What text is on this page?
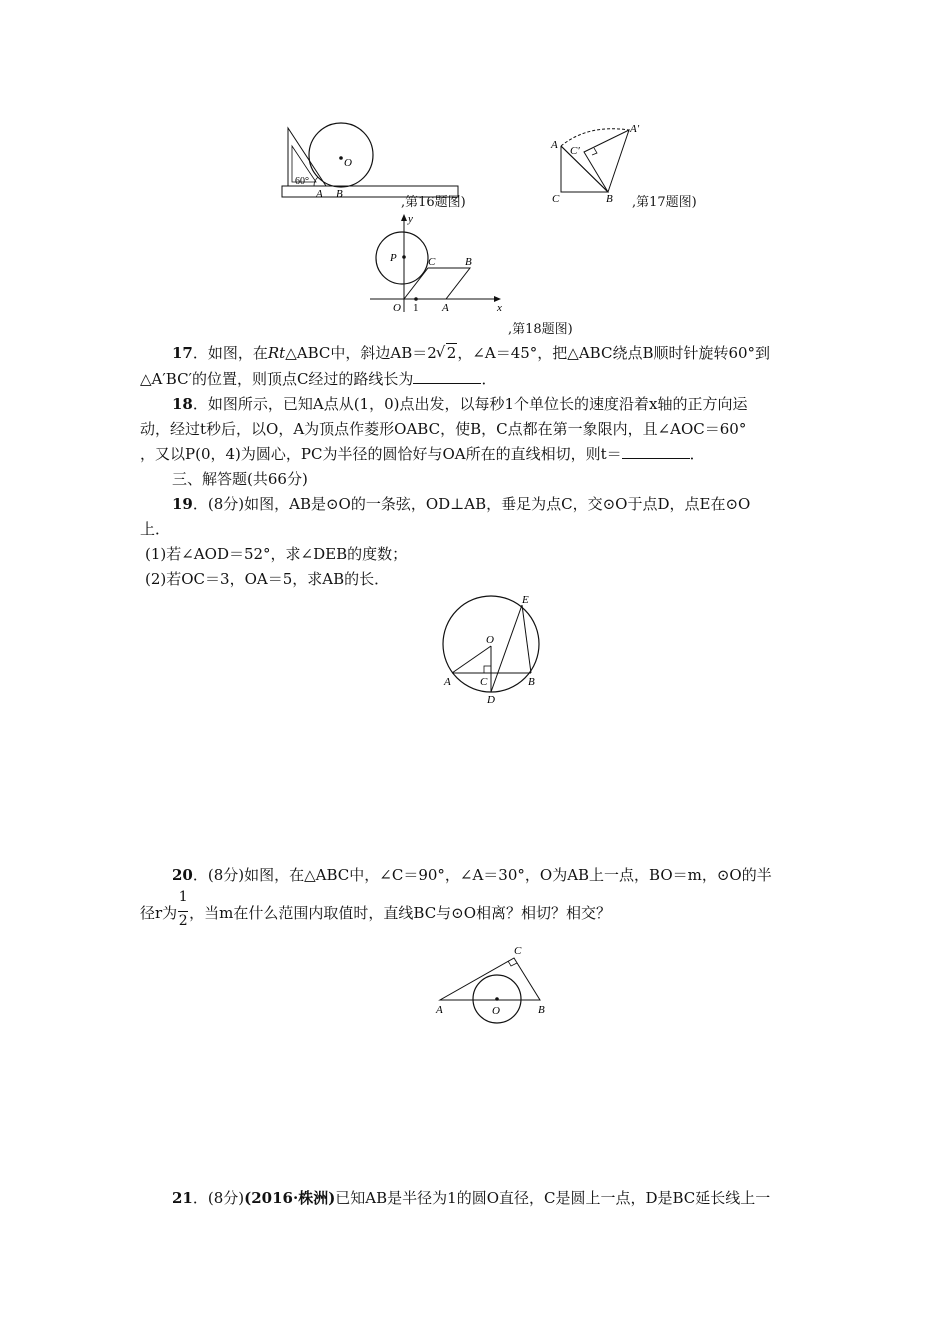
O
60°
A B
,第16题图)
A
A′
C′
C	B ,第17题图)
y
P	C	B
O 1 A	x
,第18题图)
17．如图，在Rt△ABC中，斜边AB＝2√ 2，∠A＝45°，把△ABC绕点B顺时针旋转60°到
△A′BC′的位置，则顶点C经过的路线长为	．
18．如图所示，已知A点从(1，0)点出发，以每秒1个单位长的速度沿着x轴的正方向运
动，经过t秒后，以O，A为顶点作菱形OABC，使B，C点都在第一象限内，且∠AOC＝60°
，又以P(0，4)为圆心，PC为半径的圆恰好与OA所在的直线相切，则t＝	．
三、解答题(共66分)
19．(8分)如图，AB是⊙O的一条弦，OD⊥AB，垂足为点C，交⊙O于点D，点E在⊙O
上．
(1)若∠AOD＝52°，求∠DEB的度数；
(2)若OC＝3，OA＝5，求AB的长．
E
O
A	C	B
D
20．(8分)如图，在△ABC中，∠C＝90°，∠A＝30°，O为AB上一点，BO＝m，⊙O的半
径r为 $\frac{1}{2}$ ，当m在什么范围内取值时，直线BC与⊙O相离？相切？相交？
C
A	O	B
21．(8分)(2016·株洲)已知AB是半径为1的圆O直径，C是圆上一点，D是BC延长线上一
